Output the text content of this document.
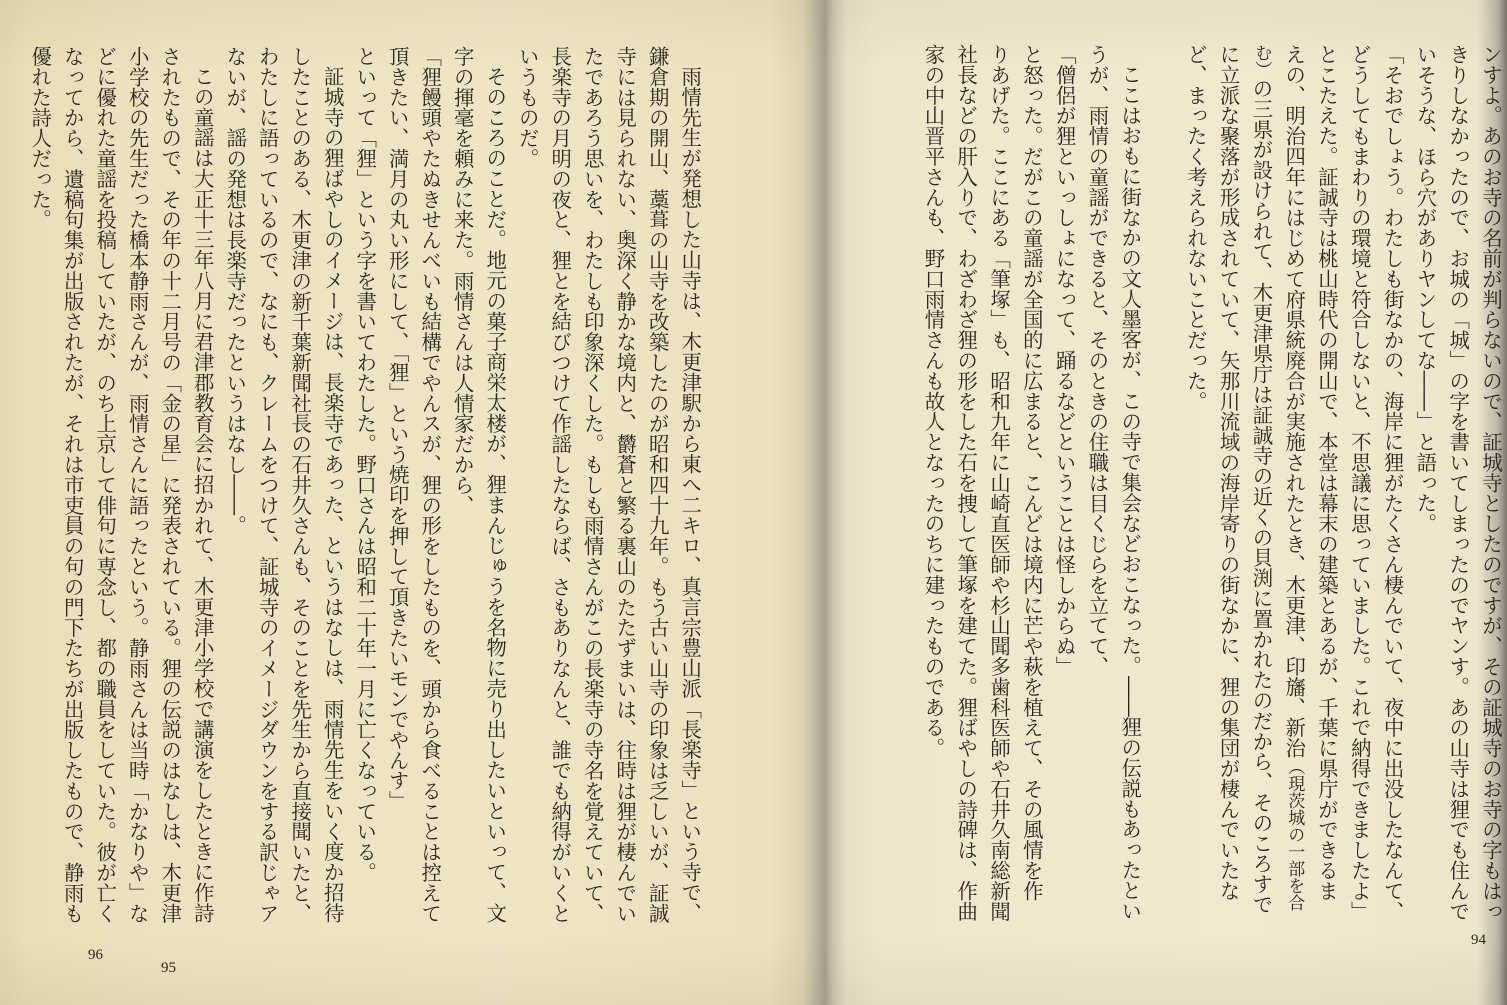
ンすよ。あのお寺の名前が判らないので、証城寺としたのですが、その証城寺のお寺の字もはっ
きりしなかったので、お城の「城」の字を書いてしまったのでヤンす。あの山寺は狸でも住んで
いそうな、ほら穴がありヤンしてな――」と語った。
「そおでしょう。わたしも街なかの、海岸に狸がたくさん棲んでいて、夜中に出没したなんて、
どうしてもまわりの環境と符合しないと、不思議に思っていました。これで納得できましたよ」
とこたえた。証誠寺は桃山時代の開山で、本堂は幕末の建築とあるが、千葉に県庁ができるま
えの、明治四年にはじめて府県統廃合が実施されたとき、木更津、印旛、新治（現茨城の一部を合
む）の三県が設けられて、木更津県庁は証誠寺の近くの貝渕に置かれたのだから、そのころすで
に立派な聚落が形成されていて、矢那川流域の海岸寄りの街なかに、狸の集団が棲んでいたな
ど、まったく考えられないことだった。
ここはおもに街なかの文人墨客が、この寺で集会などおこなった。――狸の伝説もあったとい
うが、雨情の童謡ができると、そのときの住職は目くじらを立てて、
「僧侶が狸といっしょになって、踊るなどということは怪しからぬ」
と怒った。だがこの童謡が全国的に広まると、こんどは境内に芒や萩を植えて、その風情を作
りあげた。ここにある「筆塚」も、昭和九年に山崎直医師や杉山聞多歯科医師や石井久南総新聞
社長などの肝入りで、わざわざ狸の形をした石を捜して筆塚を建てた。狸ばやしの詩碑は、作曲
家の中山晋平さんも、野口雨情さんも故人となったのちに建ったものである。
雨情先生が発想した山寺は、木更津駅から東へ二キロ、真言宗豊山派「長楽寺」という寺で、
鎌倉期の開山、藁葺の山寺を改築したのが昭和四十九年。もう古い山寺の印象は乏しいが、証誠
寺には見られない、奥深く静かな境内と、欝蒼と繁る裏山のたたずまいは、往時は狸が棲んでい
たであろう思いを、わたしも印象深くした。もしも雨情さんがこの長楽寺の寺名を覚えていて、
長楽寺の月明の夜と、狸とを結びつけて作謡したならば、さもありなんと、誰でも納得がいくと
いうものだ。
そのころのことだ。地元の菓子商栄太楼が、狸まんじゅうを名物に売り出したいといって、文
字の揮毫を頼みに来た。雨情さんは人情家だから、
「狸饅頭やたぬきせんべいも結構でやんスが、狸の形をしたものを、頭から食べることは控えて
頂きたい、満月の丸い形にして、「狸」という焼印を押して頂きたいモンでやんす」
といって「狸」という字を書いてわたした。野口さんは昭和二十年一月に亡くなっている。
証城寺の狸ばやしのイメージは、長楽寺であった、というはなしは、雨情先生をいく度か招待
したことのある、木更津の新千葉新聞社長の石井久さんも、そのことを先生から直接聞いたと、
わたしに語っているので、なにも、クレームをつけて、証城寺のイメージダウンをする訳じゃア
ないが、謡の発想は長楽寺だったというはなし――。
この童謡は大正十三年八月に君津郡教育会に招かれて、木更津小学校で講演をしたときに作詩
されたもので、その年の十二月号の「金の星」に発表されている。狸の伝説のはなしは、木更津
小学校の先生だった橋本静雨さんが、雨情さんに語ったという。静雨さんは当時「かなりや」な
どに優れた童謡を投稿していたが、のち上京して俳句に専念し、都の職員をしていた。彼が亡く
なってから、遺稿句集が出版されたが、それは市吏員の句の門下たちが出版したもので、静雨も
優れた詩人だった。
96
95
94
